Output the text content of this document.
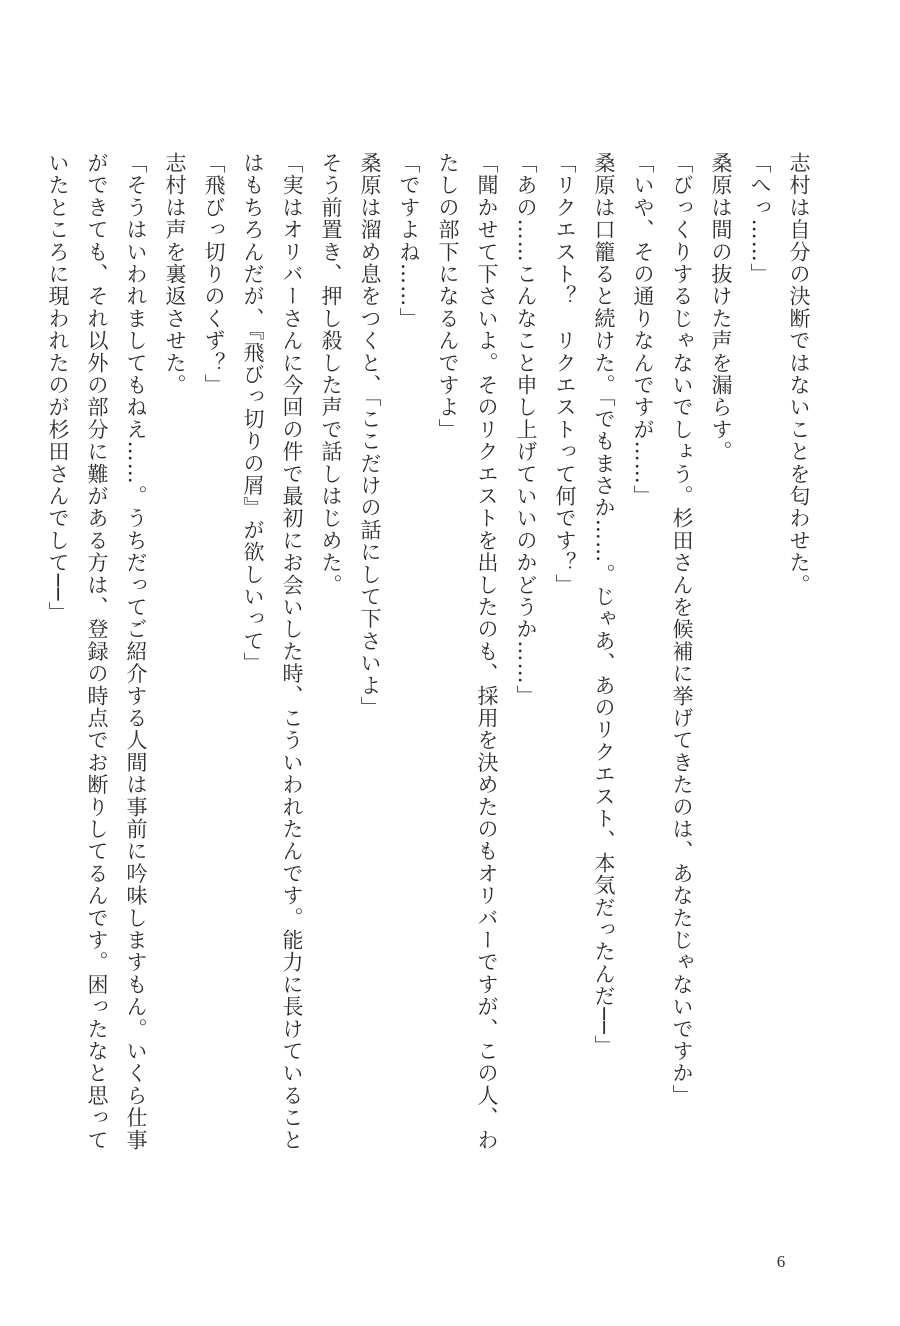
志村は自分の決断ではないことを匂わせた。

「へっ……」

桑原は間の抜けた声を漏らす。

「びっくりするじゃないでしょう。杉田さんを候補に挙げてきたのは、あなたじゃないですか」

「いや、その通りなんですが……」

桑原は口籠ると続けた。「でもまさか……。じゃあ、あのリクエスト、本気だったんだ──」

「リクエスト？　リクエストって何です？」

「あの……こんなこと申し上げていいのかどうか……」

「聞かせて下さいよ。そのリクエストを出したのも、採用を決めたのもオリバーですが、この人、わ

たしの部下になるんですよ」

「ですよね……」

桑原は溜め息をつくと、「ここだけの話にして下さいよ」

そう前置き、押し殺した声で話しはじめた。

「実はオリバーさんに今回の件で最初にお会いした時、こういわれたんです。能力に長けていること

はもちろんだが、『飛びっ切りの屑』が欲しいって」

「飛びっ切りのくず？」

志村は声を裏返させた。

「そうはいわれましてもねえ……。うちだってご紹介する人間は事前に吟味しますもん。いくら仕事

ができても、それ以外の部分に難がある方は、登録の時点でお断りしてるんです。困ったなと思って

いたところに現われたのが杉田さんでして──」

6
